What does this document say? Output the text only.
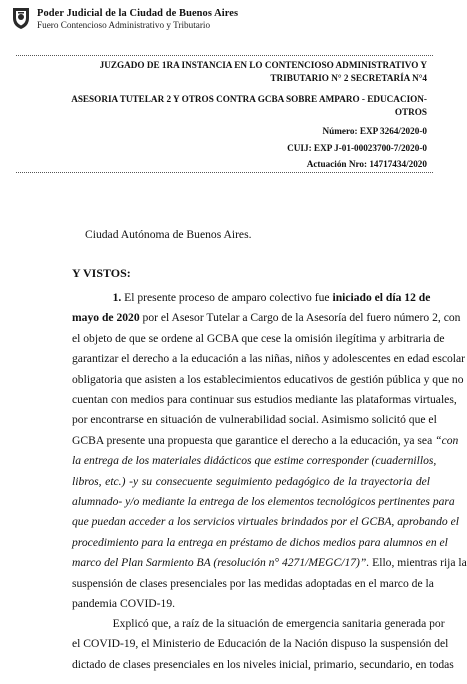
Poder Judicial de la Ciudad de Buenos Aires
Fuero Contencioso Administrativo y Tributario
JUZGADO DE 1RA INSTANCIA EN LO CONTENCIOSO ADMINISTRATIVO Y
TRIBUTARIO N° 2 SECRETARÍA N°4
ASESORIA TUTELAR 2 Y OTROS CONTRA GCBA SOBRE AMPARO - EDUCACION-
OTROS
Número: EXP 3264/2020-0
CUIJ: EXP J-01-00023700-7/2020-0
Actuación Nro: 14717434/2020
Ciudad Autónoma de Buenos Aires.
Y VISTOS:
1. El presente proceso de amparo colectivo fue iniciado el día 12 de
mayo de 2020 por el Asesor Tutelar a Cargo de la Asesoría del fuero número 2, con
el objeto de que se ordene al GCBA que cese la omisión ilegítima y arbitraria de
garantizar el derecho a la educación a las niñas, niños y adolescentes en edad escolar
obligatoria que asisten a los establecimientos educativos de gestión pública y que no
cuentan con medios para continuar sus estudios mediante las plataformas virtuales,
por encontrarse en situación de vulnerabilidad social. Asimismo solicitó que el
GCBA presente una propuesta que garantice el derecho a la educación, ya sea “con
la entrega de los materiales didácticos que estime corresponder (cuadernillos,
libros, etc.) -y su consecuente seguimiento pedagógico de la trayectoria del
alumnado- y/o mediante la entrega de los elementos tecnológicos pertinentes para
que puedan acceder a los servicios virtuales brindados por el GCBA, aprobando el
procedimiento para la entrega en préstamo de dichos medios para alumnos en el
marco del Plan Sarmiento BA (resolución n° 4271/MEGC/17)”. Ello, mientras rija la
suspensión de clases presenciales por las medidas adoptadas en el marco de la
pandemia COVID-19.
Explicó que, a raíz de la situación de emergencia sanitaria generada por
el COVID-19, el Ministerio de Educación de la Nación dispuso la suspensión del
dictado de clases presenciales en los niveles inicial, primario, secundario, en todas
